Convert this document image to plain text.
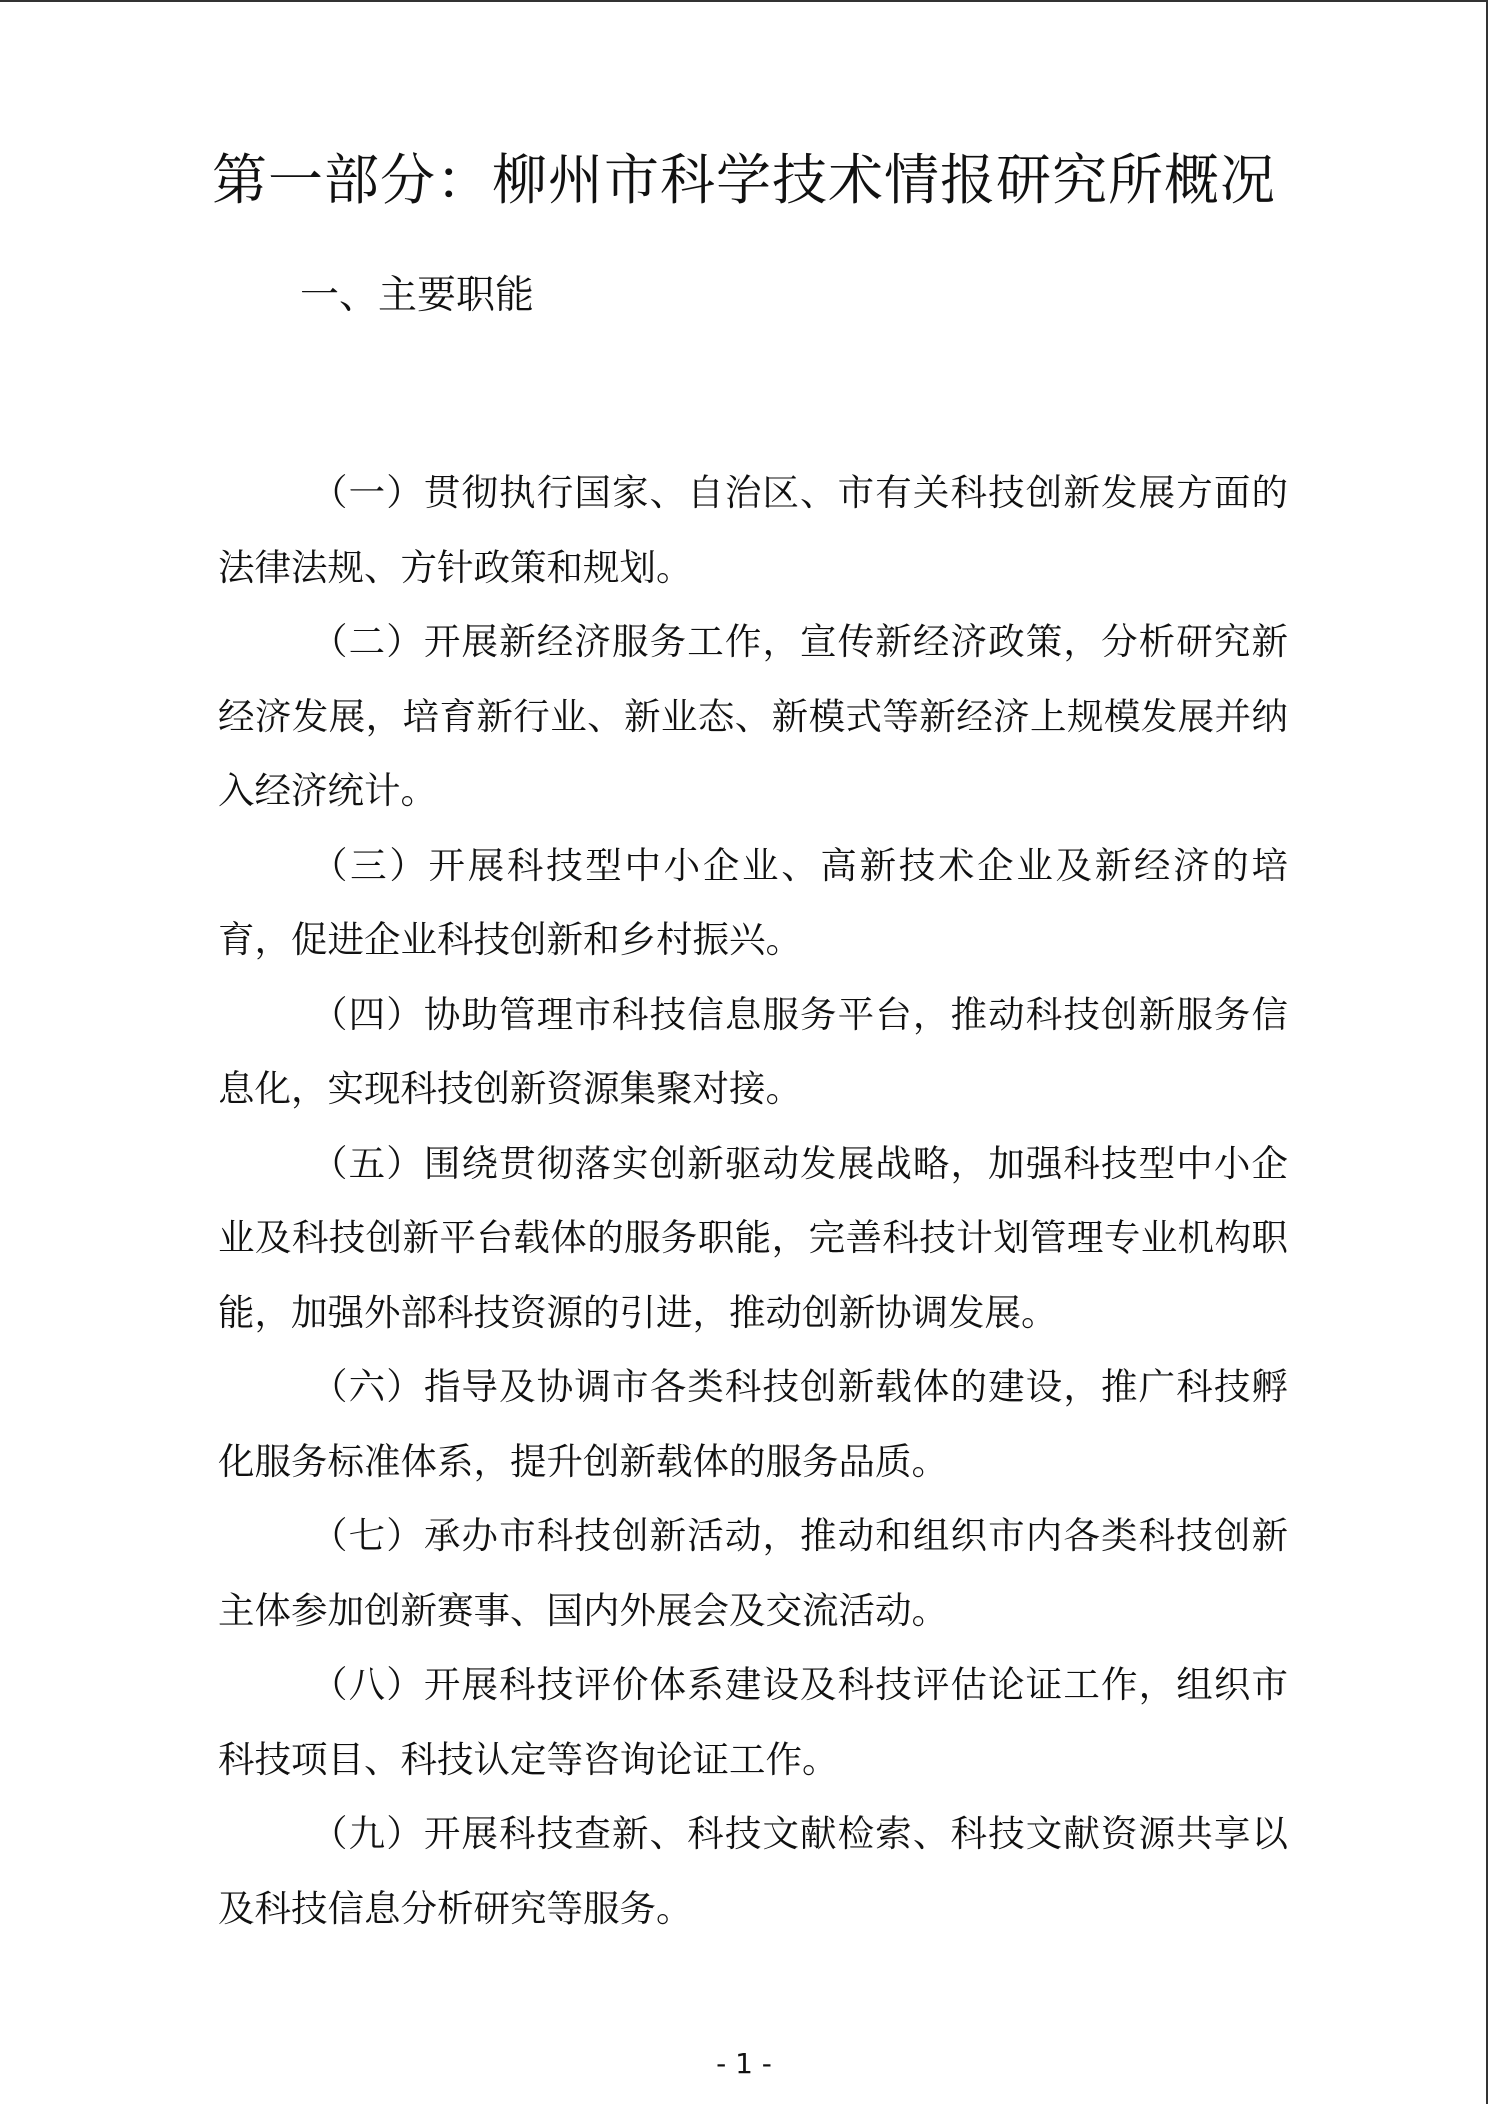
第一部分：柳州市科学技术情报研究所概况
一、主要职能

（一）贯彻执行国家、自治区、市有关科技创新发展方面的法律法规、方针政策和规划。

（二）开展新经济服务工作，宣传新经济政策，分析研究新经济发展，培育新行业、新业态、新模式等新经济上规模发展并纳入经济统计。

（三）开展科技型中小企业、高新技术企业及新经济的培育，促进企业科技创新和乡村振兴。

（四）协助管理市科技信息服务平台，推动科技创新服务信息化，实现科技创新资源集聚对接。

（五）围绕贯彻落实创新驱动发展战略，加强科技型中小企业及科技创新平台载体的服务职能，完善科技计划管理专业机构职能，加强外部科技资源的引进，推动创新协调发展。

（六）指导及协调市各类科技创新载体的建设，推广科技孵化服务标准体系，提升创新载体的服务品质。

（七）承办市科技创新活动，推动和组织市内各类科技创新主体参加创新赛事、国内外展会及交流活动。

（八）开展科技评价体系建设及科技评估论证工作，组织市科技项目、科技认定等咨询论证工作。

（九）开展科技查新、科技文献检索、科技文献资源共享以及科技信息分析研究等服务。

- 1 -
